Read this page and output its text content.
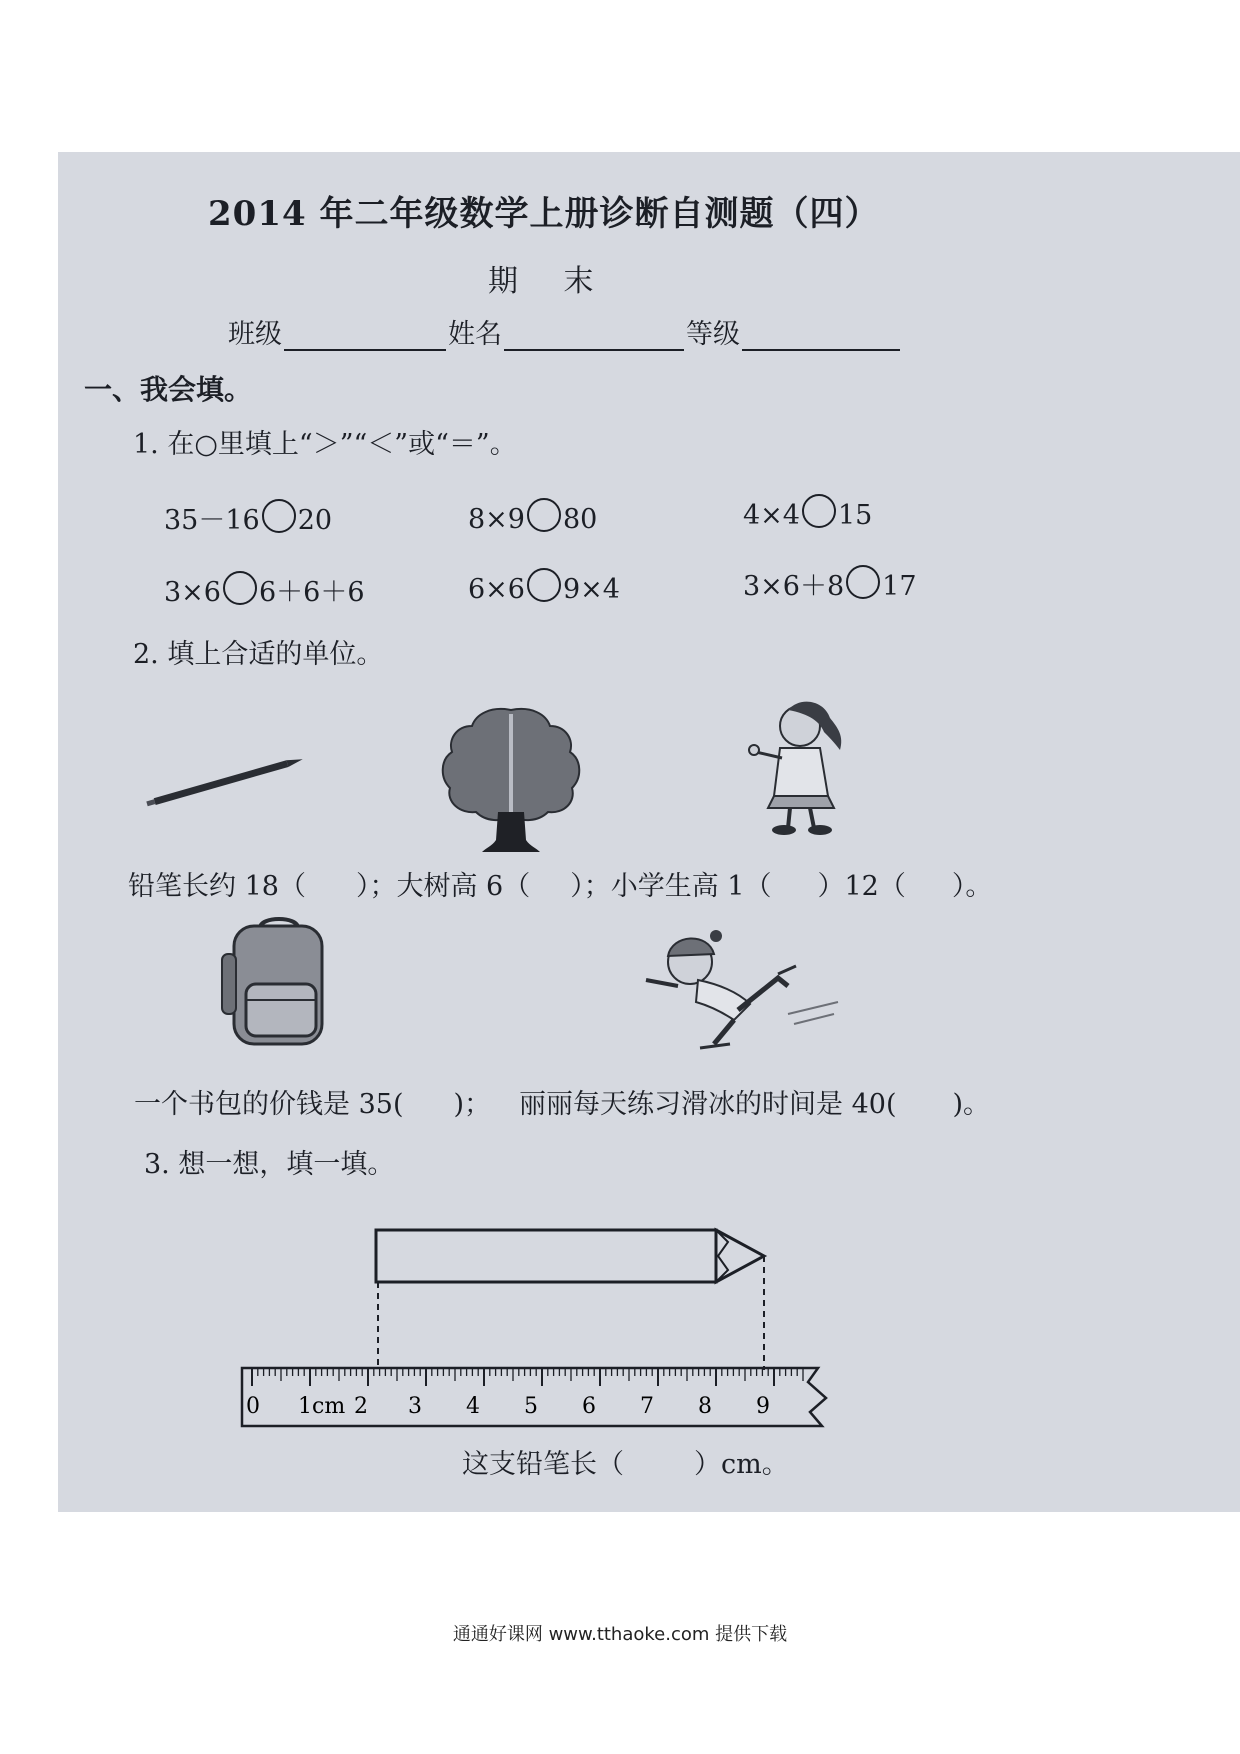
2014 年二年级数学上册诊断自测题（四）
期 末
班级	姓名	等级
一、我会填。
1. 在○里填上“＞”“＜”或“＝”。
35－16 20	8×9 80	4×4 15
3×6 6＋6＋6	6×6 9×4	3×6＋8 17
2. 填上合适的单位。
铅笔长约 18（ ）；大树高 6（ ）；小学生高 1（ ）12（ ）。
一个书包的价钱是 35( )； 丽丽每天练习滑冰的时间是 40( )。
3. 想一想，填一填。
0 1cm 2 3 4 5 6 7 8 9
这支铅笔长（	）cm。
通通好课网 www.tthaoke.com 提供下载
